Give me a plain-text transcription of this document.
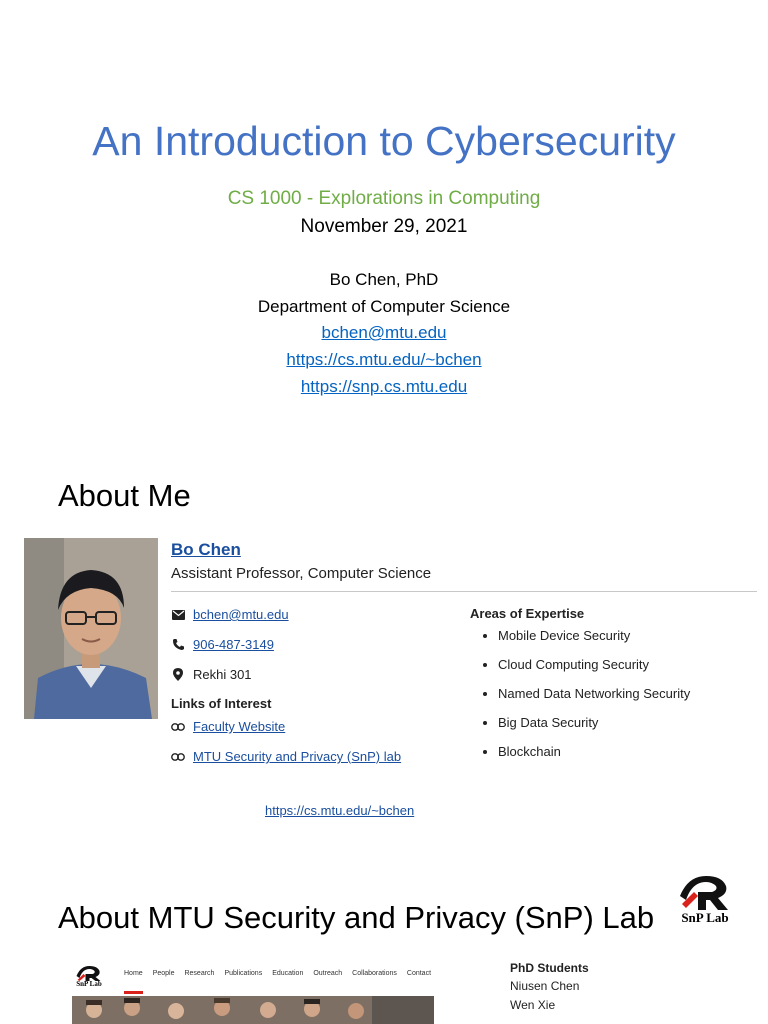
An Introduction to Cybersecurity
CS 1000 - Explorations in Computing
November 29, 2021
Bo Chen, PhD
Department of Computer Science
bchen@mtu.edu
https://cs.mtu.edu/~bchen
https://snp.cs.mtu.edu
About Me
Bo Chen
Assistant Professor, Computer Science
bchen@mtu.edu
906-487-3149
Rekhi 301
Links of Interest
Faculty Website
MTU Security and Privacy (SnP) lab
Areas of Expertise
• Mobile Device Security
• Cloud Computing Security
• Named Data Networking Security
• Big Data Security
• Blockchain
https://cs.mtu.edu/~bchen
About MTU Security and Privacy (SnP) Lab	SnP Lab
SnP Lab
Home People Research Publications Education Outreach Collaborations Contact	PhD Students
Niusen Chen
Wen Xie
